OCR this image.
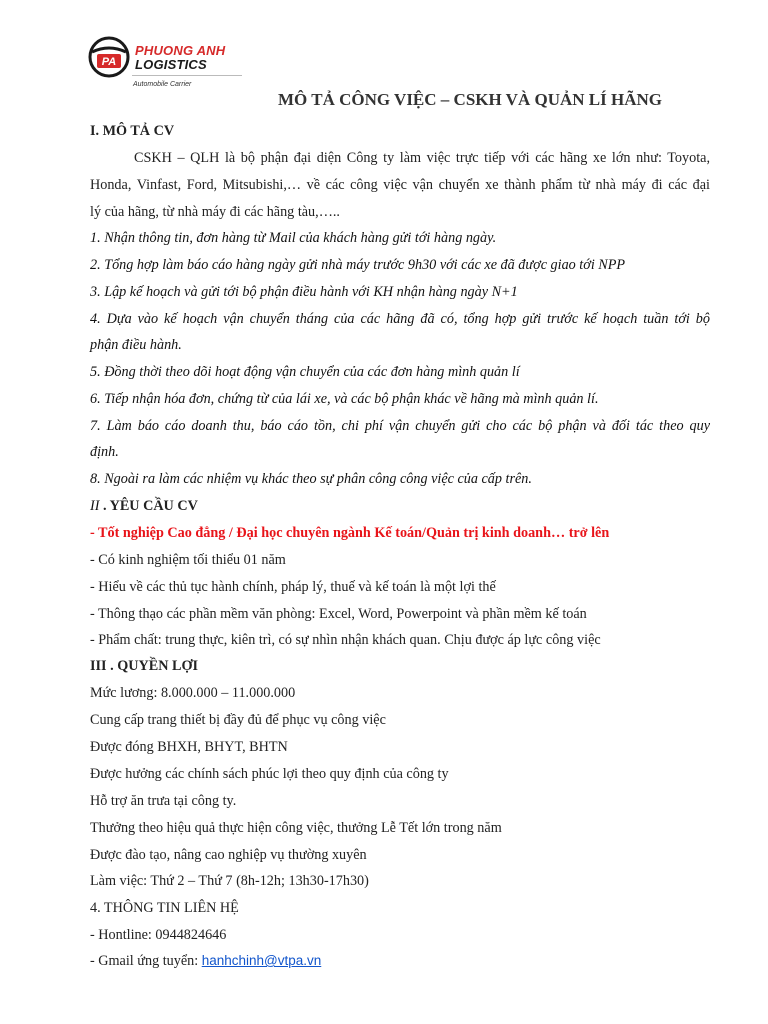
PA
PHUONG ANH
LOGISTICS
Automobile Carrier
MÔ TẢ CÔNG VIỆC – CSKH VÀ QUẢN LÍ HÃNG
I. MÔ TẢ CV
CSKH – QLH là bộ phận đại diện Công ty làm việc trực tiếp với các hãng xe lớn như: Toyota,
Honda, Vinfast, Ford, Mitsubishi,… về các công việc vận chuyển xe thành phẩm từ nhà máy đi các đại
lý của hãng, từ nhà máy đi các hãng tàu,…..
1. Nhận thông tin, đơn hàng từ Mail của khách hàng gửi tới hàng ngày.
2. Tổng hợp làm báo cáo hàng ngày gửi nhà máy trước 9h30 với các xe đã được giao tới NPP
3. Lập kế hoạch và gửi tới bộ phận điều hành với KH nhận hàng ngày N+1
4. Dựa vào kế hoạch vận chuyển tháng của các hãng đã có, tổng hợp gửi trước kế hoạch tuần tới bộ
phận điều hành.
5. Đồng thời theo dõi hoạt động vận chuyển của các đơn hàng mình quản lí
6. Tiếp nhận hóa đơn, chứng từ của lái xe, và các bộ phận khác về hãng mà mình quản lí.
7. Làm báo cáo doanh thu, báo cáo tồn, chi phí vận chuyển gửi cho các bộ phận và đối tác theo quy
định.
8. Ngoài ra làm các nhiệm vụ khác theo sự phân công công việc của cấp trên.
II . YÊU CẦU CV
- Tốt nghiệp Cao đẳng / Đại học chuyên ngành Kế toán/Quản trị kinh doanh… trở lên
- Có kinh nghiệm tối thiểu 01 năm
- Hiểu về các thủ tục hành chính, pháp lý, thuế và kế toán là một lợi thế
- Thông thạo các phần mềm văn phòng: Excel, Word, Powerpoint và phần mềm kế toán
- Phẩm chất: trung thực, kiên trì, có sự nhìn nhận khách quan. Chịu được áp lực công việc
III . QUYỀN LỢI
Mức lương: 8.000.000 – 11.000.000
Cung cấp trang thiết bị đầy đủ để phục vụ công việc
Được đóng BHXH, BHYT, BHTN
Được hưởng các chính sách phúc lợi theo quy định của công ty
Hỗ trợ ăn trưa tại công ty.
Thưởng theo hiệu quả thực hiện công việc, thưởng Lễ Tết lớn trong năm
Được đào tạo, nâng cao nghiệp vụ thường xuyên
Làm việc: Thứ 2 – Thứ 7 (8h-12h; 13h30-17h30)
4. THÔNG TIN LIÊN HỆ
- Hontline: 0944824646
- Gmail ứng tuyển: hanhchinh@vtpa.vn
